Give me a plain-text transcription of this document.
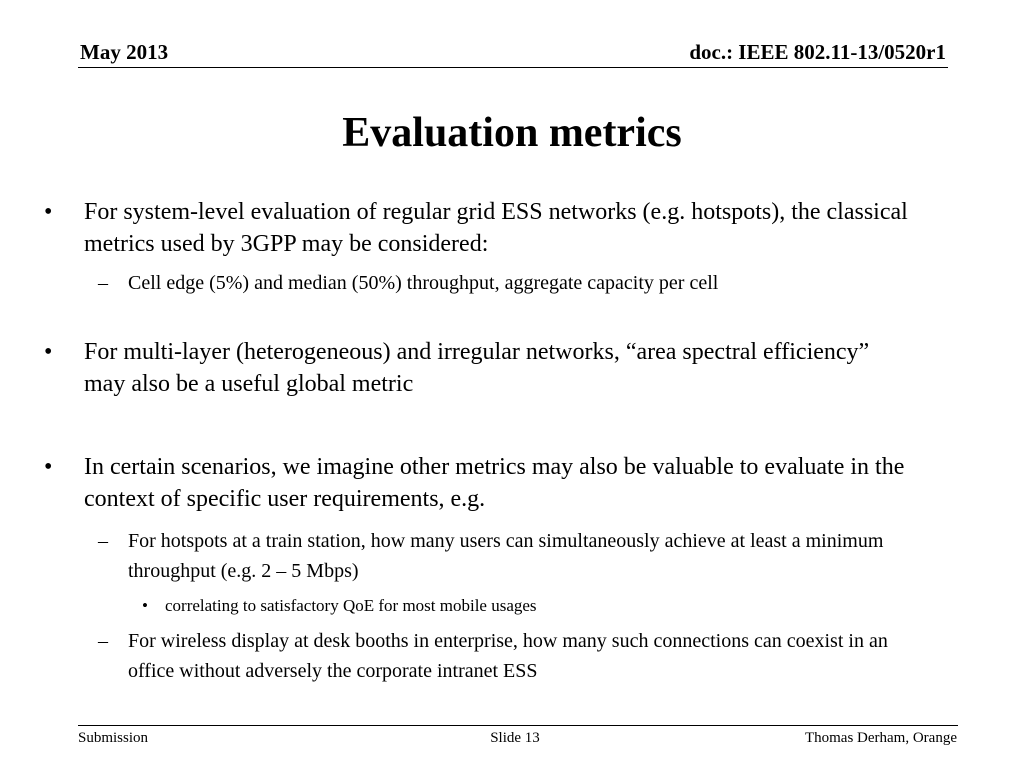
May 2013	doc.: IEEE 802.11-13/0520r1
Evaluation metrics
• For system-level evaluation of regular grid ESS networks (e.g. hotspots), the classical metrics used by 3GPP may be considered:
– Cell edge (5%) and median (50%) throughput, aggregate capacity per cell
• For multi-layer (heterogeneous) and irregular networks, “area spectral efficiency” may also be a useful global metric
• In certain scenarios, we imagine other metrics may also be valuable to evaluate in the context of specific user requirements, e.g.
– For hotspots at a train station, how many users can simultaneously achieve at least a minimum throughput (e.g. 2 – 5 Mbps)
• correlating to satisfactory QoE for most mobile usages
– For wireless display at desk booths in enterprise, how many such connections can coexist in an office without adversely the corporate intranet ESS
Submission	Slide 13	Thomas Derham, Orange
